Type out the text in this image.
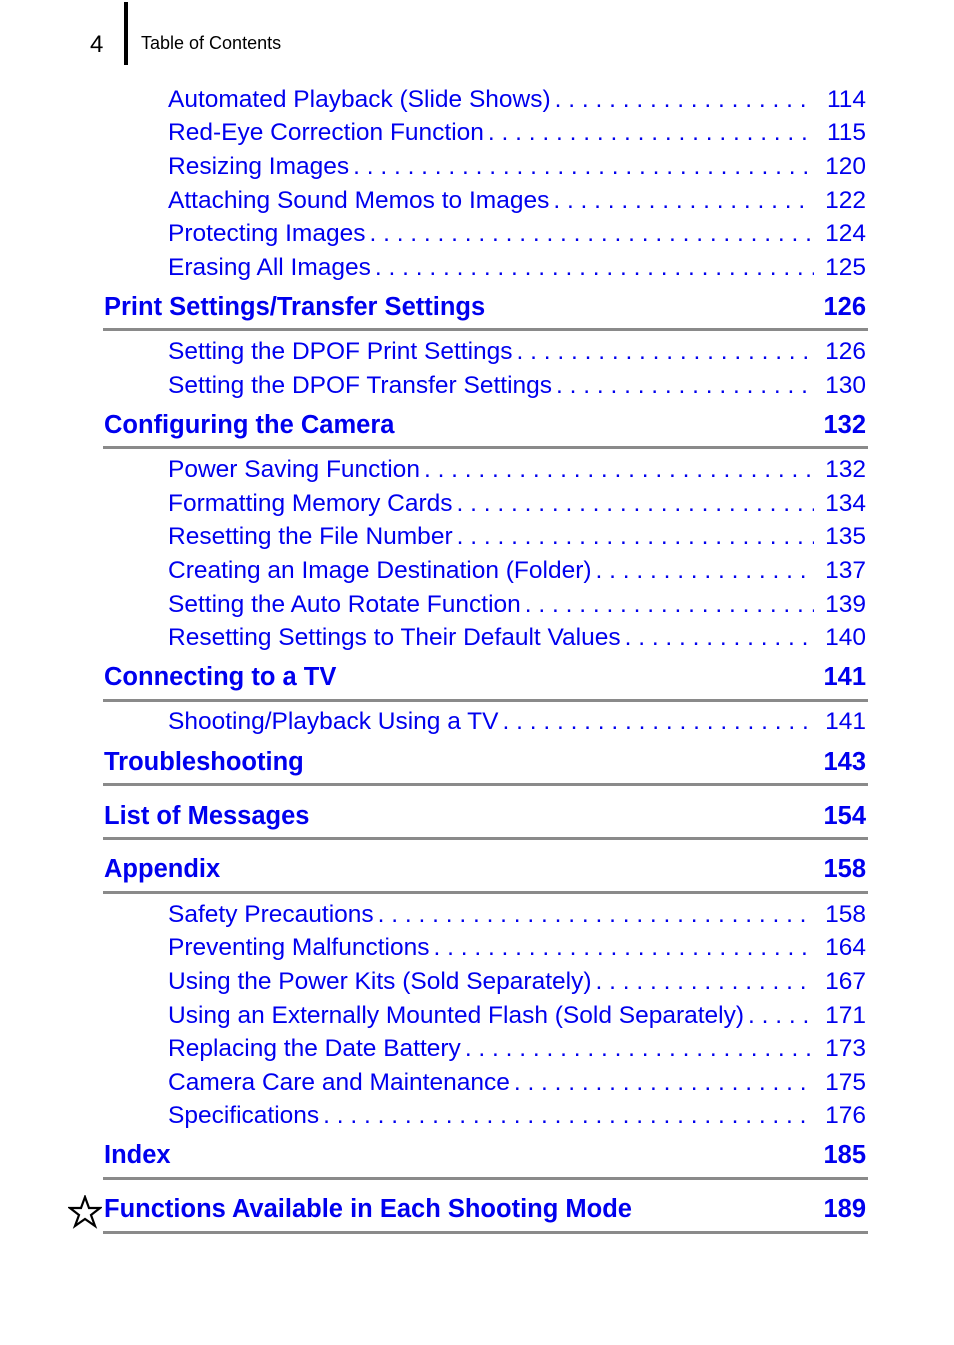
4 Table of Contents
Automated Playback (Slide Shows) . . .	114
Red-Eye Correction Function . . .	115
Resizing Images . . .	120
Attaching Sound Memos to Images . . .	122
Protecting Images . . .	124
Erasing All Images . . .	125
Print Settings/Transfer Settings	126
Setting the DPOF Print Settings . . .	126
Setting the DPOF Transfer Settings . . .	130
Configuring the Camera	132
Power Saving Function . . .	132
Formatting Memory Cards . . .	134
Resetting the File Number . . .	135
Creating an Image Destination (Folder) . . .	137
Setting the Auto Rotate Function . . .	139
Resetting Settings to Their Default Values . . .	140
Connecting to a TV	141
Shooting/Playback Using a TV . . .	141
Troubleshooting	143
List of Messages	154
Appendix	158
Safety Precautions . . .	158
Preventing Malfunctions . . .	164
Using the Power Kits (Sold Separately) . . .	167
Using an Externally Mounted Flash (Sold Separately) . . .	171
Replacing the Date Battery . . .	173
Camera Care and Maintenance . . .	175
Specifications . . .	176
Index	185
Functions Available in Each Shooting Mode	189
